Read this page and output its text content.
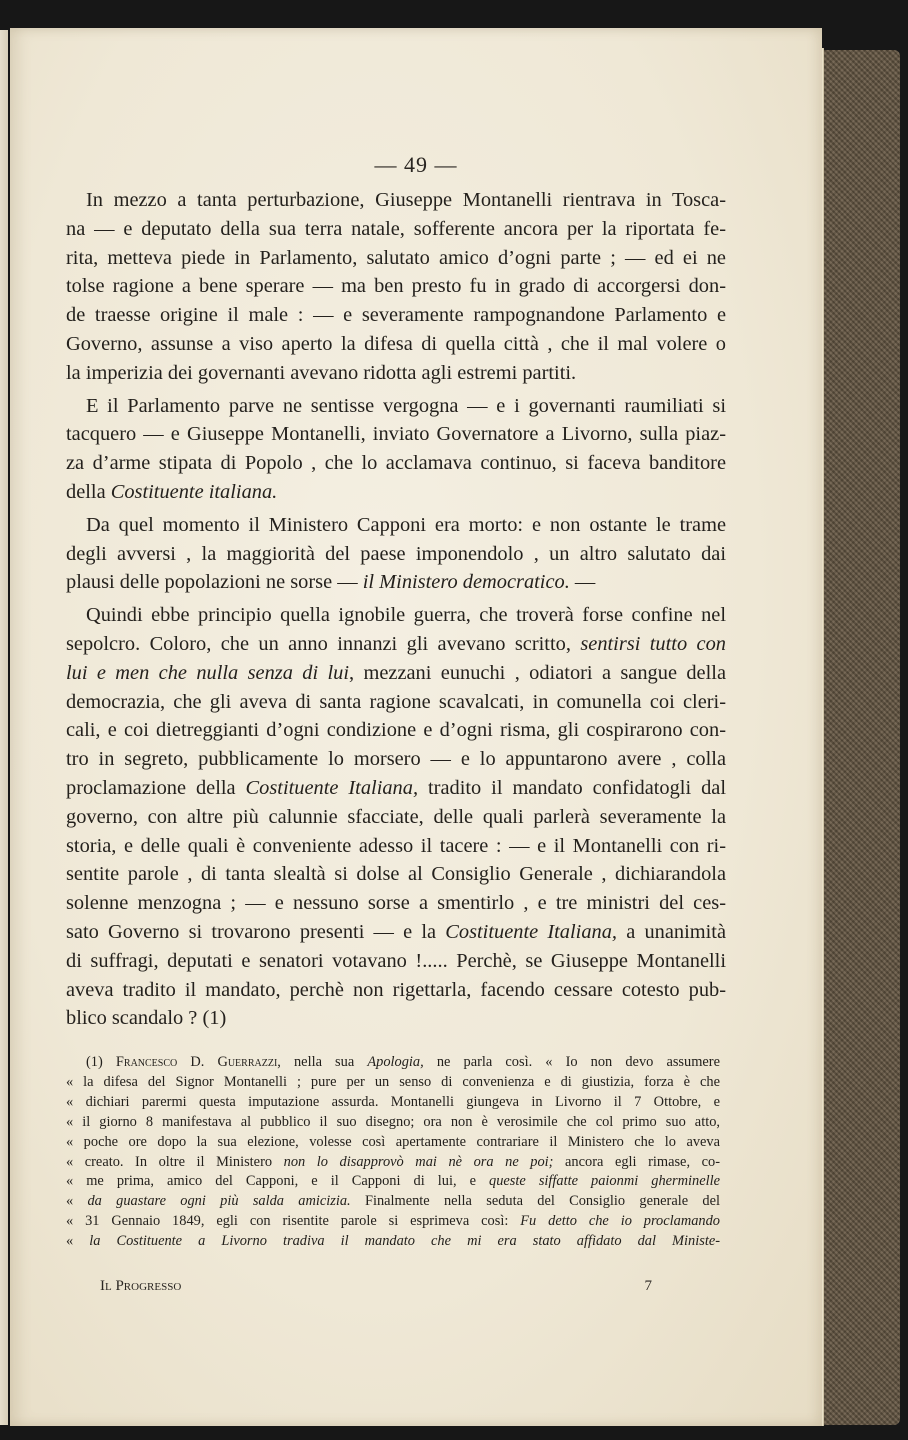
— 49 —
In mezzo a tanta perturbazione, Giuseppe Montanelli rientrava in Tosca-
na — e deputato della sua terra natale, sofferente ancora per la riportata fe-
rita, metteva piede in Parlamento, salutato amico d’ogni parte ; — ed ei ne
tolse ragione a bene sperare — ma ben presto fu in grado di accorgersi don-
de traesse origine il male : — e severamente rampognandone Parlamento e
Governo, assunse a viso aperto la difesa di quella città , che il mal volere o
la imperizia dei governanti avevano ridotta agli estremi partiti.
E il Parlamento parve ne sentisse vergogna — e i governanti raumiliati si
tacquero — e Giuseppe Montanelli, inviato Governatore a Livorno, sulla piaz-
za d’arme stipata di Popolo , che lo acclamava continuo, si faceva banditore
della Costituente italiana.
Da quel momento il Ministero Capponi era morto: e non ostante le trame
degli avversi , la maggiorità del paese imponendolo , un altro salutato dai
plausi delle popolazioni ne sorse — il Ministero democratico. —
Quindi ebbe principio quella ignobile guerra, che troverà forse confine nel
sepolcro. Coloro, che un anno innanzi gli avevano scritto, sentirsi tutto con
lui e men che nulla senza di lui, mezzani eunuchi , odiatori a sangue della
democrazia, che gli aveva di santa ragione scavalcati, in comunella coi cleri-
cali, e coi dietreggianti d’ogni condizione e d’ogni risma, gli cospirarono con-
tro in segreto, pubblicamente lo morsero — e lo appuntarono avere , colla
proclamazione della Costituente Italiana, tradito il mandato confidatogli dal
governo, con altre più calunnie sfacciate, delle quali parlerà severamente la
storia, e delle quali è conveniente adesso il tacere : — e il Montanelli con ri-
sentite parole , di tanta slealtà si dolse al Consiglio Generale , dichiarandola
solenne menzogna ; — e nessuno sorse a smentirlo , e tre ministri del ces-
sato Governo si trovarono presenti — e la Costituente Italiana, a unanimità
di suffragi, deputati e senatori votavano !..... Perchè, se Giuseppe Montanelli
aveva tradito il mandato, perchè non rigettarla, facendo cessare cotesto pub-
blico scandalo ? (1)
(1) Francesco D. Guerrazzi, nella sua Apologia, ne parla così. « Io non devo assumere
« la difesa del Signor Montanelli ; pure per un senso di convenienza e di giustizia, forza è che
« dichiari parermi questa imputazione assurda. Montanelli giungeva in Livorno il 7 Ottobre, e
« il giorno 8 manifestava al pubblico il suo disegno; ora non è verosimile che col primo suo atto,
« poche ore dopo la sua elezione, volesse così apertamente contrariare il Ministero che lo aveva
« creato. In oltre il Ministero non lo disapprovò mai nè ora ne poi; ancora egli rimase, co-
« me prima, amico del Capponi, e il Capponi di lui, e queste siffatte paionmi gherminelle
« da guastare ogni più salda amicizia. Finalmente nella seduta del Consiglio generale del
« 31 Gennaio 1849, egli con risentite parole si esprimeva così: Fu detto che io proclamando
« la Costituente a Livorno tradiva il mandato che mi era stato affidato dal Ministe-
Il Progresso	7
